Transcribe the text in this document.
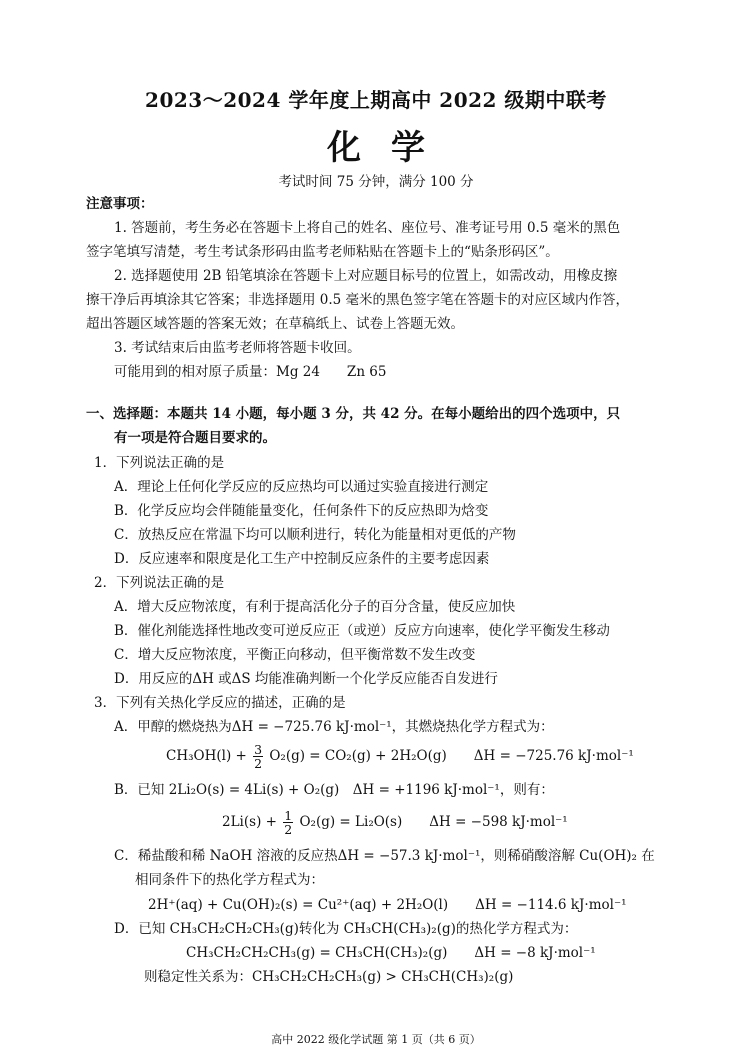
2023～2024 学年度上期高中 2022 级期中联考
化学
考试时间 75 分钟，满分 100 分
注意事项：
1. 答题前，考生务必在答题卡上将自己的姓名、座位号、准考证号用 0.5 毫米的黑色
签字笔填写清楚，考生考试条形码由监考老师粘贴在答题卡上的“贴条形码区”。
2. 选择题使用 2B 铅笔填涂在答题卡上对应题目标号的位置上，如需改动，用橡皮擦
擦干净后再填涂其它答案；非选择题用 0.5 毫米的黑色签字笔在答题卡的对应区域内作答，
超出答题区域答题的答案无效；在草稿纸上、试卷上答题无效。
3. 考试结束后由监考老师将答题卡收回。
可能用到的相对原子质量：Mg 24　　Zn 65
一、选择题：本题共 14 小题，每小题 3 分，共 42 分。在每小题给出的四个选项中，只
有一项是符合题目要求的。
1．下列说法正确的是
A．理论上任何化学反应的反应热均可以通过实验直接进行测定
B．化学反应均会伴随能量变化，任何条件下的反应热即为焓变
C．放热反应在常温下均可以顺利进行，转化为能量相对更低的产物
D．反应速率和限度是化工生产中控制反应条件的主要考虑因素
2．下列说法正确的是
A．增大反应物浓度，有利于提高活化分子的百分含量，使反应加快
B．催化剂能选择性地改变可逆反应正（或逆）反应方向速率，使化学平衡发生移动
C．增大反应物浓度，平衡正向移动，但平衡常数不发生改变
D．用反应的ΔH 或ΔS 均能准确判断一个化学反应能否自发进行
3．下列有关热化学反应的描述，正确的是
A．甲醇的燃烧热为ΔH = −725.76 kJ·mol⁻¹，其燃烧热化学方程式为：
$CH_3OH(l) + \frac{3}{2} O_2(g) = CO_2(g) + 2H_2O(g)$　　ΔH = −725.76 kJ·mol⁻¹
B．已知 2Li₂O(s) = 4Li(s) + O₂(g)　ΔH = +1196 kJ·mol⁻¹，则有：
$2Li(s) + \frac{1}{2} O_2(g) = Li_2O(s)$　　ΔH = −598 kJ·mol⁻¹
C．稀盐酸和稀 NaOH 溶液的反应热ΔH = −57.3 kJ·mol⁻¹，则稀硝酸溶解 Cu(OH)₂ 在
相同条件下的热化学方程式为：
2H⁺(aq) + Cu(OH)₂(s) = Cu²⁺(aq) + 2H₂O(l)　　ΔH = −114.6 kJ·mol⁻¹
D．已知 CH₃CH₂CH₂CH₃(g)转化为 CH₃CH(CH₃)₂(g)的热化学方程式为：
CH₃CH₂CH₂CH₃(g) = CH₃CH(CH₃)₂(g)　　ΔH = −8 kJ·mol⁻¹
则稳定性关系为：CH₃CH₂CH₂CH₃(g) > CH₃CH(CH₃)₂(g)
高中 2022 级化学试题 第 1 页（共 6 页）
